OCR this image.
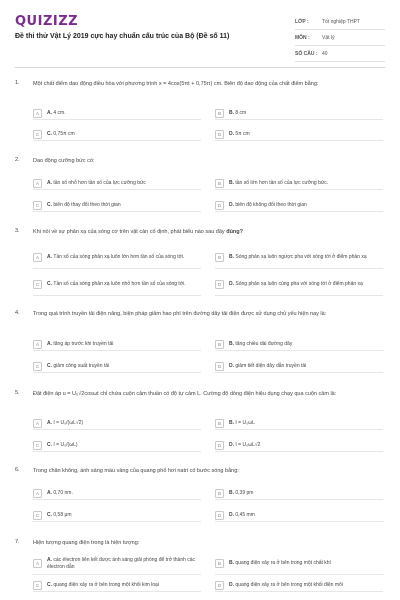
QUIZIZZ
Đề thi thử Vật Lý 2019 cực hay chuẩn cấu trúc của Bộ (Đề số 11)
LỚP :	Tốt nghiệp THPT
MÔN :	Vật lý
SỐ CÂU : 40
1. Một chất điểm dao động điều hòa với phương trình x = 4cos(5πt + 0,75π) cm. Biên độ dao động của chất điểm bằng:
A	A. 4 cm.	B	B. 8 cm
C	C. 0,75π cm	D	D. 5π cm
2. Dao động cưỡng bức có:
A	A. tần số nhỏ hơn tần số của lực cưỡng bức	B	B. tần số lớn hơn tần số của lực cưỡng bức.
C	C. biên độ thay đổi theo thời gian	D	D. biên độ không đổi theo thời gian
3. Khi nói về sự phản xạ của sóng cơ trên vật cản cố định, phát biểu nào sau đây đúng?
A	A. Tần số của sóng phản xạ luôn lớn hơn tần số của sóng tới.	B	B. Sóng phản xạ luôn ngược pha với sóng tới ở điểm phản xạ
C	C. Tần số của sóng phản xạ luôn nhỏ hơn tần số của sóng tới.	D	D. Sóng phản xạ luôn cùng pha với sóng tới ở điểm phản xạ
4. Trong quá trình truyền tải điện năng, biện pháp giảm hao phí trên đường dây tải điện được sử dụng chủ yếu hiện nay là:
A	A. tăng áp trước khi truyền tải	B	B. tăng chiều dài đường dây
C	C. giảm công suất truyền tải	D	D. giảm tiết diện dây dẫn truyền tải
5. Đặt điện áp u = U₀√2cosωt chỉ chứa cuộn cảm thuần có độ tự cảm L. Cường độ dòng điện hiệu dụng chạy qua cuộn cảm là:
A	A. I = U₀/(ωL√2)	B	B. I = U₀ωL
C	C. I = U₀/(ωL)	D	D. I = U₀ωL√2
6. Trong chân không, ánh sáng màu vàng của quang phổ hơi natri có bước sóng bằng:
A	A. 0,70 nm.	B	B. 0,39 pm
C	C. 0,58 μm	D	D. 0,45 mm
7. Hiện tượng quang điện trong là hiện tượng:
A
A. các électron liên kết được ánh sáng giải phóng để trở thành các électron dẫn	B	B. quang điện xảy ra ở bên trong một chất khí
C	C. quang điện xảy ra ở bên trong một khối kim loại	D	D. quang điện xảy ra ở bên trong một khối điện môi
